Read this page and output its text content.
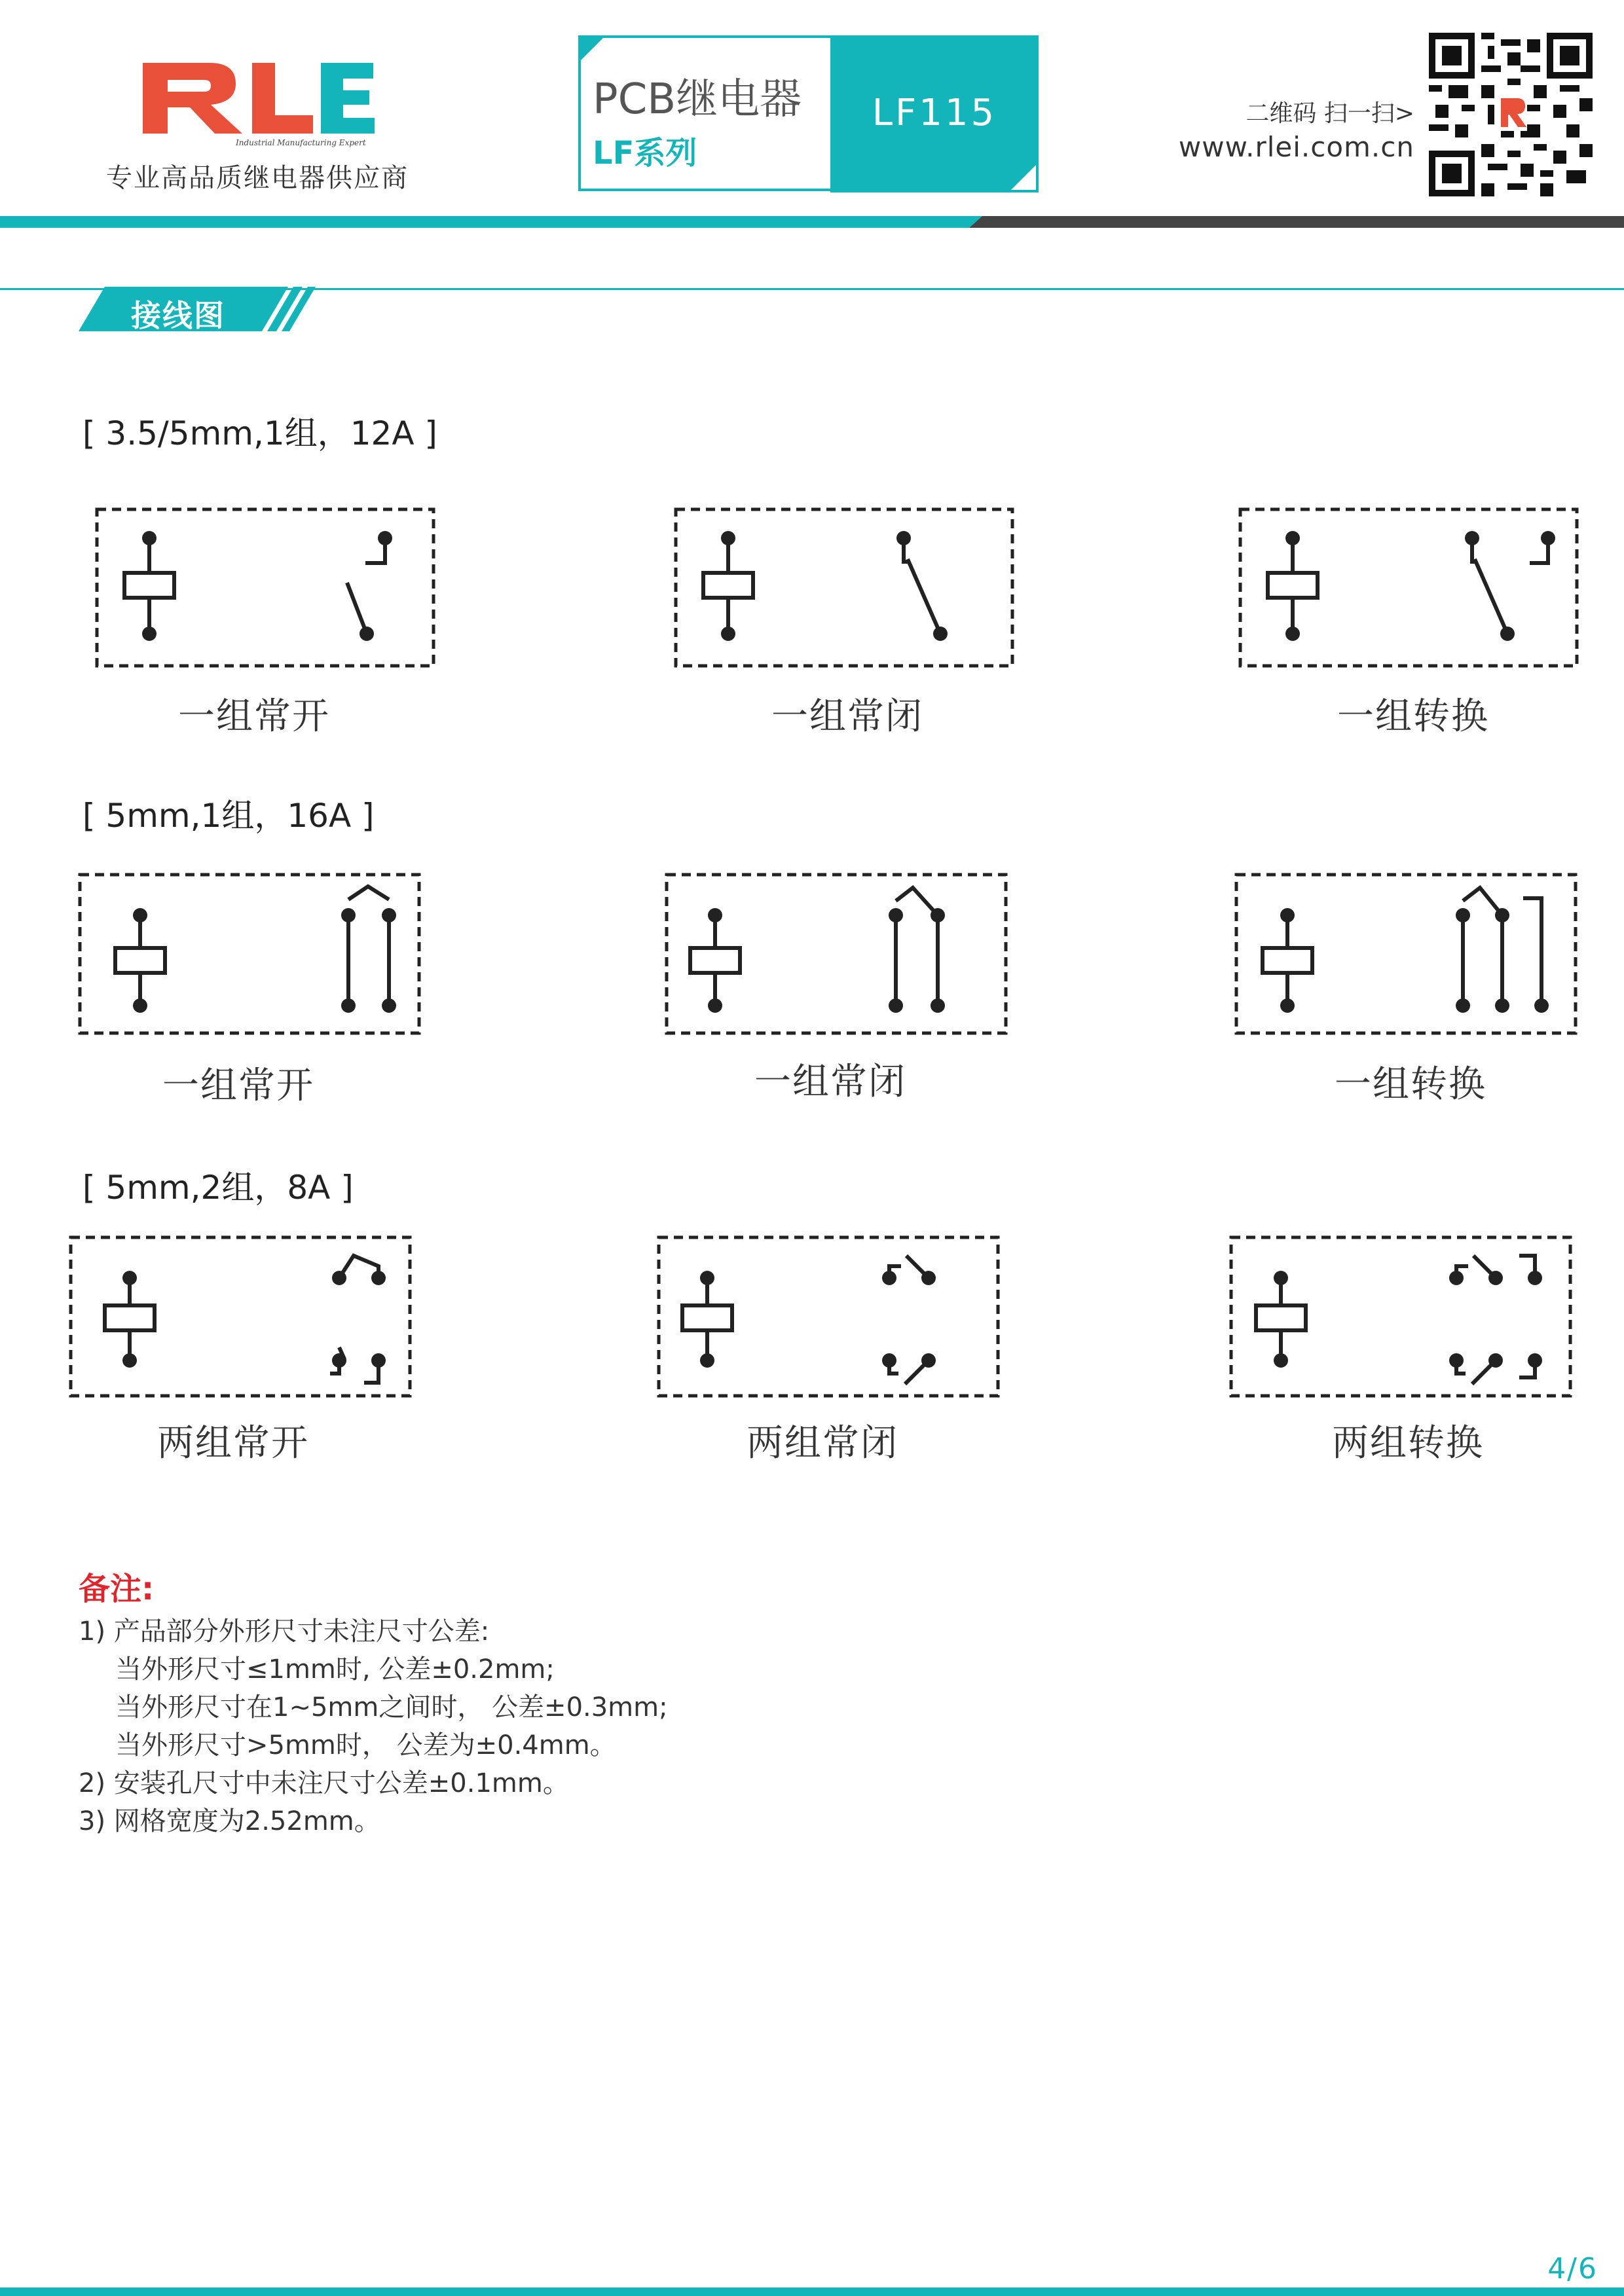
Industrial Manufacturing Expert
专业高品质继电器供应商
PCB继电器
LF系列
LF115	二维码 扫一扫>
www.rlei.com.cn
接线图
[ 3.5/5mm,1组，12A ]
[ 5mm,1组，16A ]
[ 5mm,2组，8A ]
一组常开	一组常闭	一组转换
一组常开	一组常闭	一组转换
两组常开	两组常闭	两组转换
备注:
1) 产品部分外形尺寸未注尺寸公差:
当外形尺寸≤1mm时, 公差±0.2mm;
当外形尺寸在1~5mm之间时， 公差±0.3mm;
当外形尺寸>5mm时， 公差为±0.4mm。
2) 安装孔尺寸中未注尺寸公差±0.1mm。
3) 网格宽度为2.52mm。
4/6
